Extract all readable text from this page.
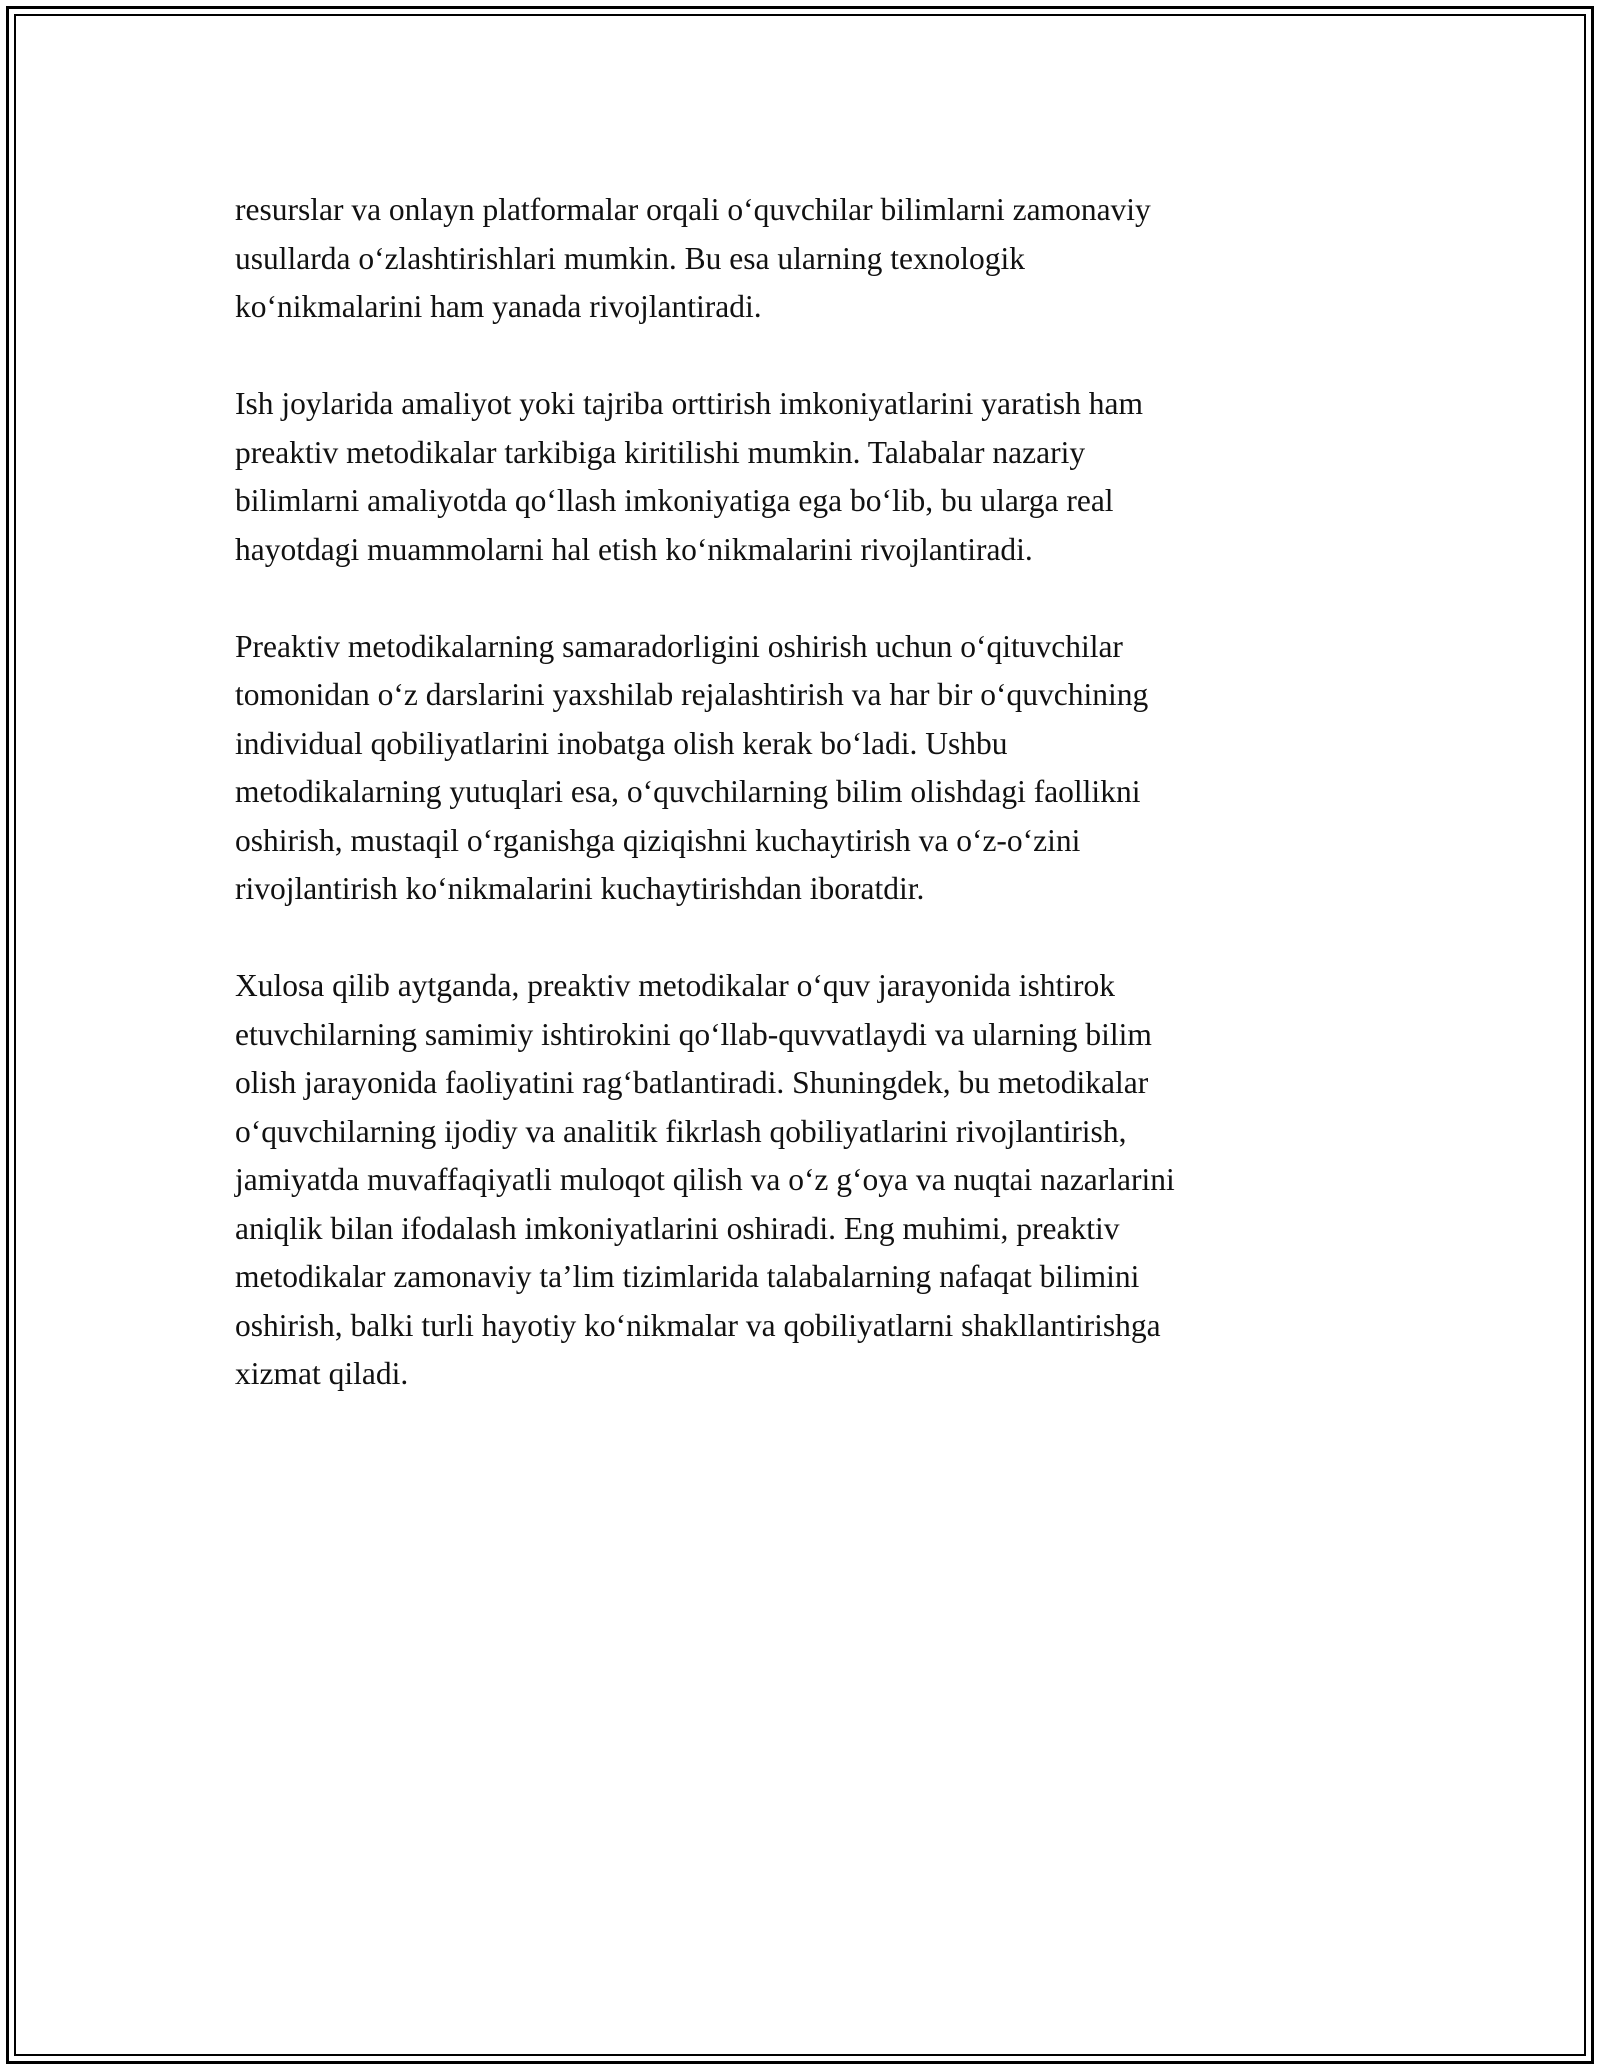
resurslar va onlayn platformalar orqali o‘quvchilar bilimlarni zamonaviy
usullarda o‘zlashtirishlari mumkin. Bu esa ularning texnologik
ko‘nikmalarini ham yanada rivojlantiradi.

Ish joylarida amaliyot yoki tajriba orttirish imkoniyatlarini yaratish ham
preaktiv metodikalar tarkibiga kiritilishi mumkin. Talabalar nazariy
bilimlarni amaliyotda qo‘llash imkoniyatiga ega bo‘lib, bu ularga real
hayotdagi muammolarni hal etish ko‘nikmalarini rivojlantiradi.

Preaktiv metodikalarning samaradorligini oshirish uchun o‘qituvchilar
tomonidan o‘z darslarini yaxshilab rejalashtirish va har bir o‘quvchining
individual qobiliyatlarini inobatga olish kerak bo‘ladi. Ushbu
metodikalarning yutuqlari esa, o‘quvchilarning bilim olishdagi faollikni
oshirish, mustaqil o‘rganishga qiziqishni kuchaytirish va o‘z-o‘zini
rivojlantirish ko‘nikmalarini kuchaytirishdan iboratdir.

Xulosa qilib aytganda, preaktiv metodikalar o‘quv jarayonida ishtirok
etuvchilarning samimiy ishtirokini qo‘llab-quvvatlaydi va ularning bilim
olish jarayonida faoliyatini rag‘batlantiradi. Shuningdek, bu metodikalar
o‘quvchilarning ijodiy va analitik fikrlash qobiliyatlarini rivojlantirish,
jamiyatda muvaffaqiyatli muloqot qilish va o‘z g‘oya va nuqtai nazarlarini
aniqlik bilan ifodalash imkoniyatlarini oshiradi. Eng muhimi, preaktiv
metodikalar zamonaviy ta’lim tizimlarida talabalarning nafaqat bilimini
oshirish, balki turli hayotiy ko‘nikmalar va qobiliyatlarni shakllantirishga
xizmat qiladi.
